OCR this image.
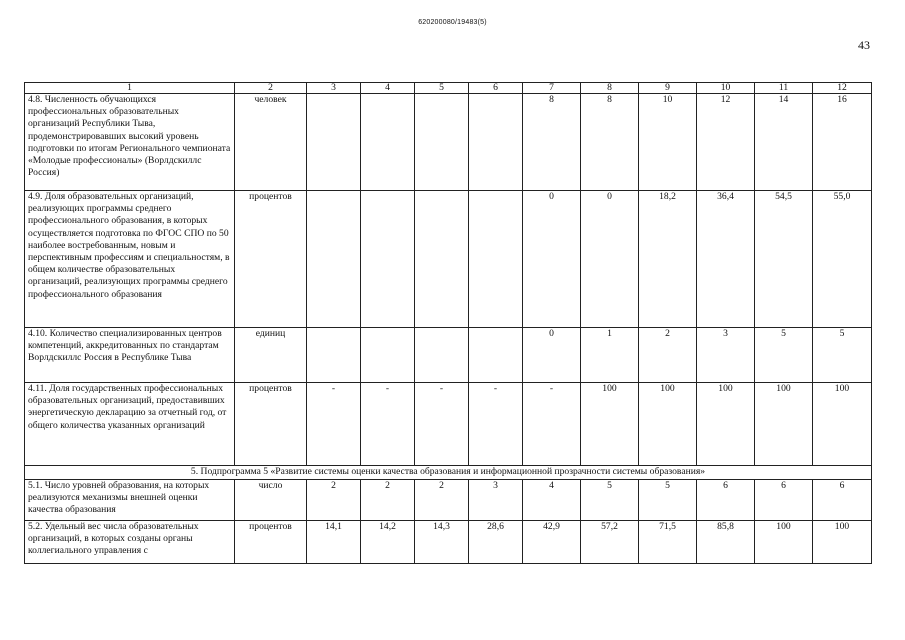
620200080/19483(5)
43
1	2	3	4	5	6	7	8	9	10	11	12
4.8. Численность обучающихся профессиональных образовательных организаций Республики Тыва, продемонстрировавших высокий уровень подготовки по итогам Регионального чемпионата «Молодые профессионалы» (Ворлдскиллс Россия)	человек					8	8	10	12	14	16
4.9. Доля образовательных организаций, реализующих программы среднего профессионального образования, в которых осуществляется подготовка по ФГОС СПО по 50 наиболее востребованным, новым и перспективным профессиям и специальностям, в общем количестве образовательных организаций, реализующих программы среднего профессионального образования	процентов					0	0	18,2	36,4	54,5	55,0
4.10. Количество специализированных центров компетенций, аккредитованных по стандартам Ворлдскиллс Россия в Республике Тыва	единиц					0	1	2	3	5	5
4.11. Доля государственных профессиональных образовательных организаций, предоставивших энергетическую декларацию за отчетный год, от общего количества указанных организаций	процентов	-	-	-	-	-	100	100	100	100	100
5. Подпрограмма 5 «Развитие системы оценки качества образования и информационной прозрачности системы образования»											
5.1. Число уровней образования, на которых реализуются механизмы внешней оценки качества образования	число	2	2	2	3	4	5	5	6	6	6
5.2. Удельный вес числа образовательных организаций, в которых созданы органы коллегиального управления с	процентов	14,1	14,2	14,3	28,6	42,9	57,2	71,5	85,8	100	100
